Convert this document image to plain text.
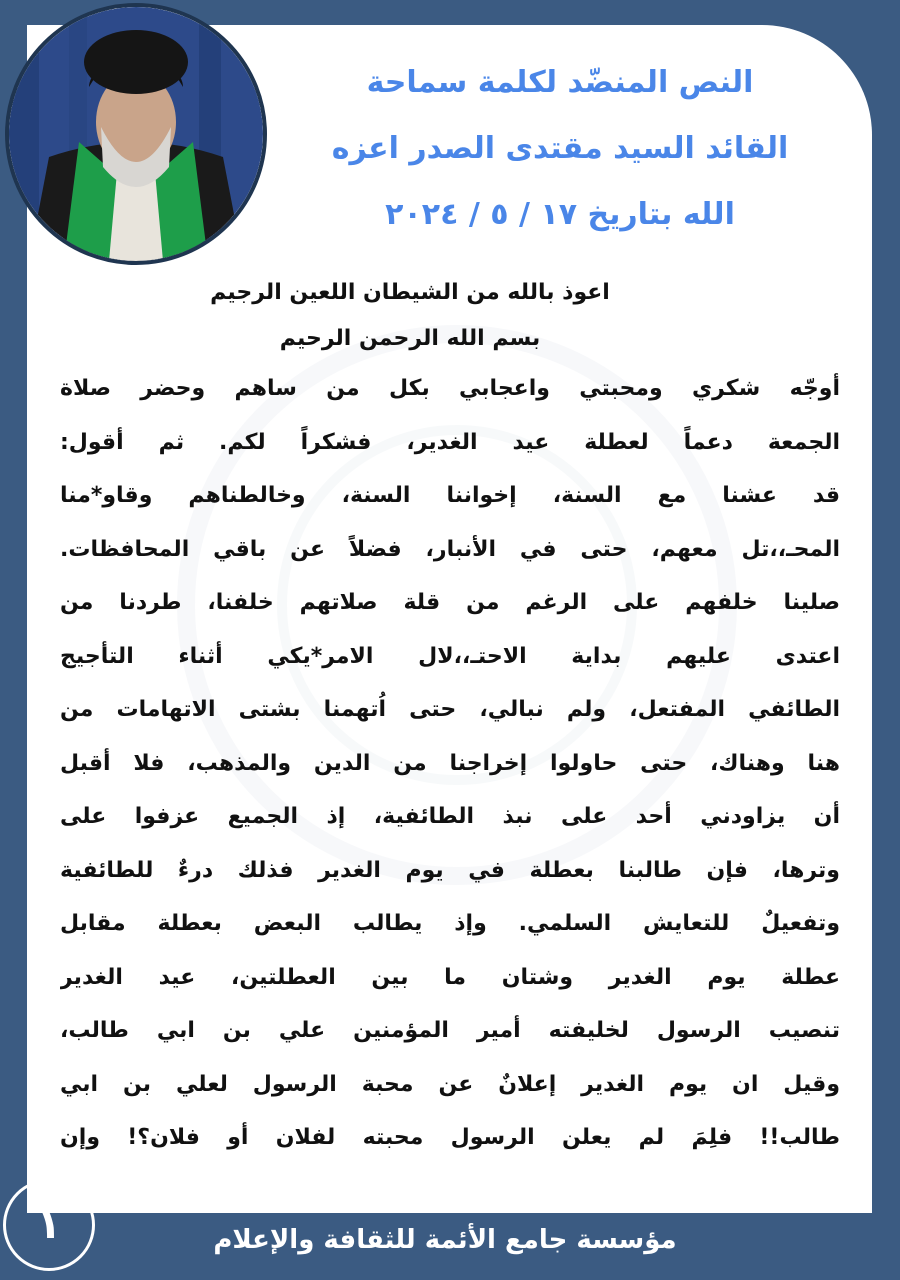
النص المنضّد لكلمة سماحة
القائد السيد مقتدى الصدر اعزه
الله بتاريخ ١٧ / ٥ / ٢٠٢٤
اعوذ بالله من الشيطان اللعين الرجيم
بسم الله الرحمن الرحيم
أوجّه شكري ومحبتي واعجابي بكل من ساهم وحضر صلاة
الجمعة دعماً لعطلة عيد الغدير، فشكراً لكم. ثم أقول:
قد عشنا مع السنة، إخواننا السنة، وخالطناهم وقاو*منا
المحـ،،تل معهم، حتى في الأنبار، فضلاً عن باقي المحافظات.
صلينا خلفهم على الرغم من قلة صلاتهم خلفنا، طردنا من
اعتدى عليهم بداية الاحتـ،،لال الامر*يكي أثناء التأجيج
الطائفي المفتعل، ولم نبالي، حتى اُتهمنا بشتى الاتهامات من
هنا وهناك، حتى حاولوا إخراجنا من الدين والمذهب، فلا أقبل
أن يزاودني أحد على نبذ الطائفية، إذ الجميع عزفوا على
وترها، فإن طالبنا بعطلة في يوم الغدير فذلك درءٌ للطائفية
وتفعيلٌ للتعايش السلمي. وإذ يطالب البعض بعطلة مقابل
عطلة يوم الغدير وشتان ما بين العطلتين، عيد الغدير
تنصيب الرسول لخليفته أمير المؤمنين علي بن ابي طالب،
وقيل ان يوم الغدير إعلانٌ عن محبة الرسول لعلي بن ابي
طالب!! فلِمَ لم يعلن الرسول محبته لفلان أو فلان؟! وإن
١	مؤسسة جامع الأئمة للثقافة والإعلام
